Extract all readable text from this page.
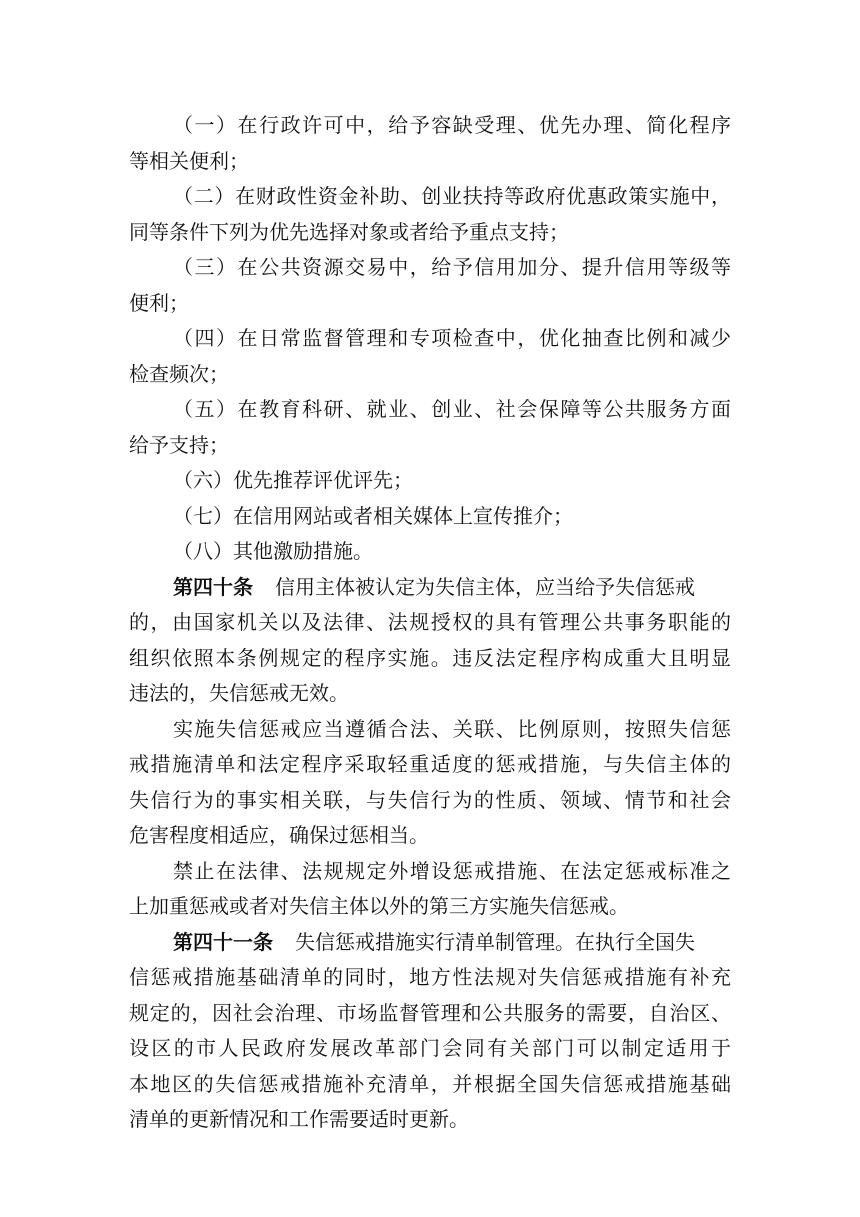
（一）在行政许可中，给予容缺受理、优先办理、简化程序
等相关便利；

（二）在财政性资金补助、创业扶持等政府优惠政策实施中，
同等条件下列为优先选择对象或者给予重点支持；

（三）在公共资源交易中，给予信用加分、提升信用等级等
便利；

（四）在日常监督管理和专项检查中，优化抽查比例和减少
检查频次；

（五）在教育科研、就业、创业、社会保障等公共服务方面
给予支持；

（六）优先推荐评优评先；

（七）在信用网站或者相关媒体上宣传推介；

（八）其他激励措施。

第四十条 信用主体被认定为失信主体，应当给予失信惩戒
的，由国家机关以及法律、法规授权的具有管理公共事务职能的
组织依照本条例规定的程序实施。违反法定程序构成重大且明显
违法的，失信惩戒无效。

实施失信惩戒应当遵循合法、关联、比例原则，按照失信惩
戒措施清单和法定程序采取轻重适度的惩戒措施，与失信主体的
失信行为的事实相关联，与失信行为的性质、领域、情节和社会
危害程度相适应，确保过惩相当。

禁止在法律、法规规定外增设惩戒措施、在法定惩戒标准之
上加重惩戒或者对失信主体以外的第三方实施失信惩戒。

第四十一条 失信惩戒措施实行清单制管理。在执行全国失
信惩戒措施基础清单的同时，地方性法规对失信惩戒措施有补充
规定的，因社会治理、市场监督管理和公共服务的需要，自治区、
设区的市人民政府发展改革部门会同有关部门可以制定适用于
本地区的失信惩戒措施补充清单，并根据全国失信惩戒措施基础
清单的更新情况和工作需要适时更新。
